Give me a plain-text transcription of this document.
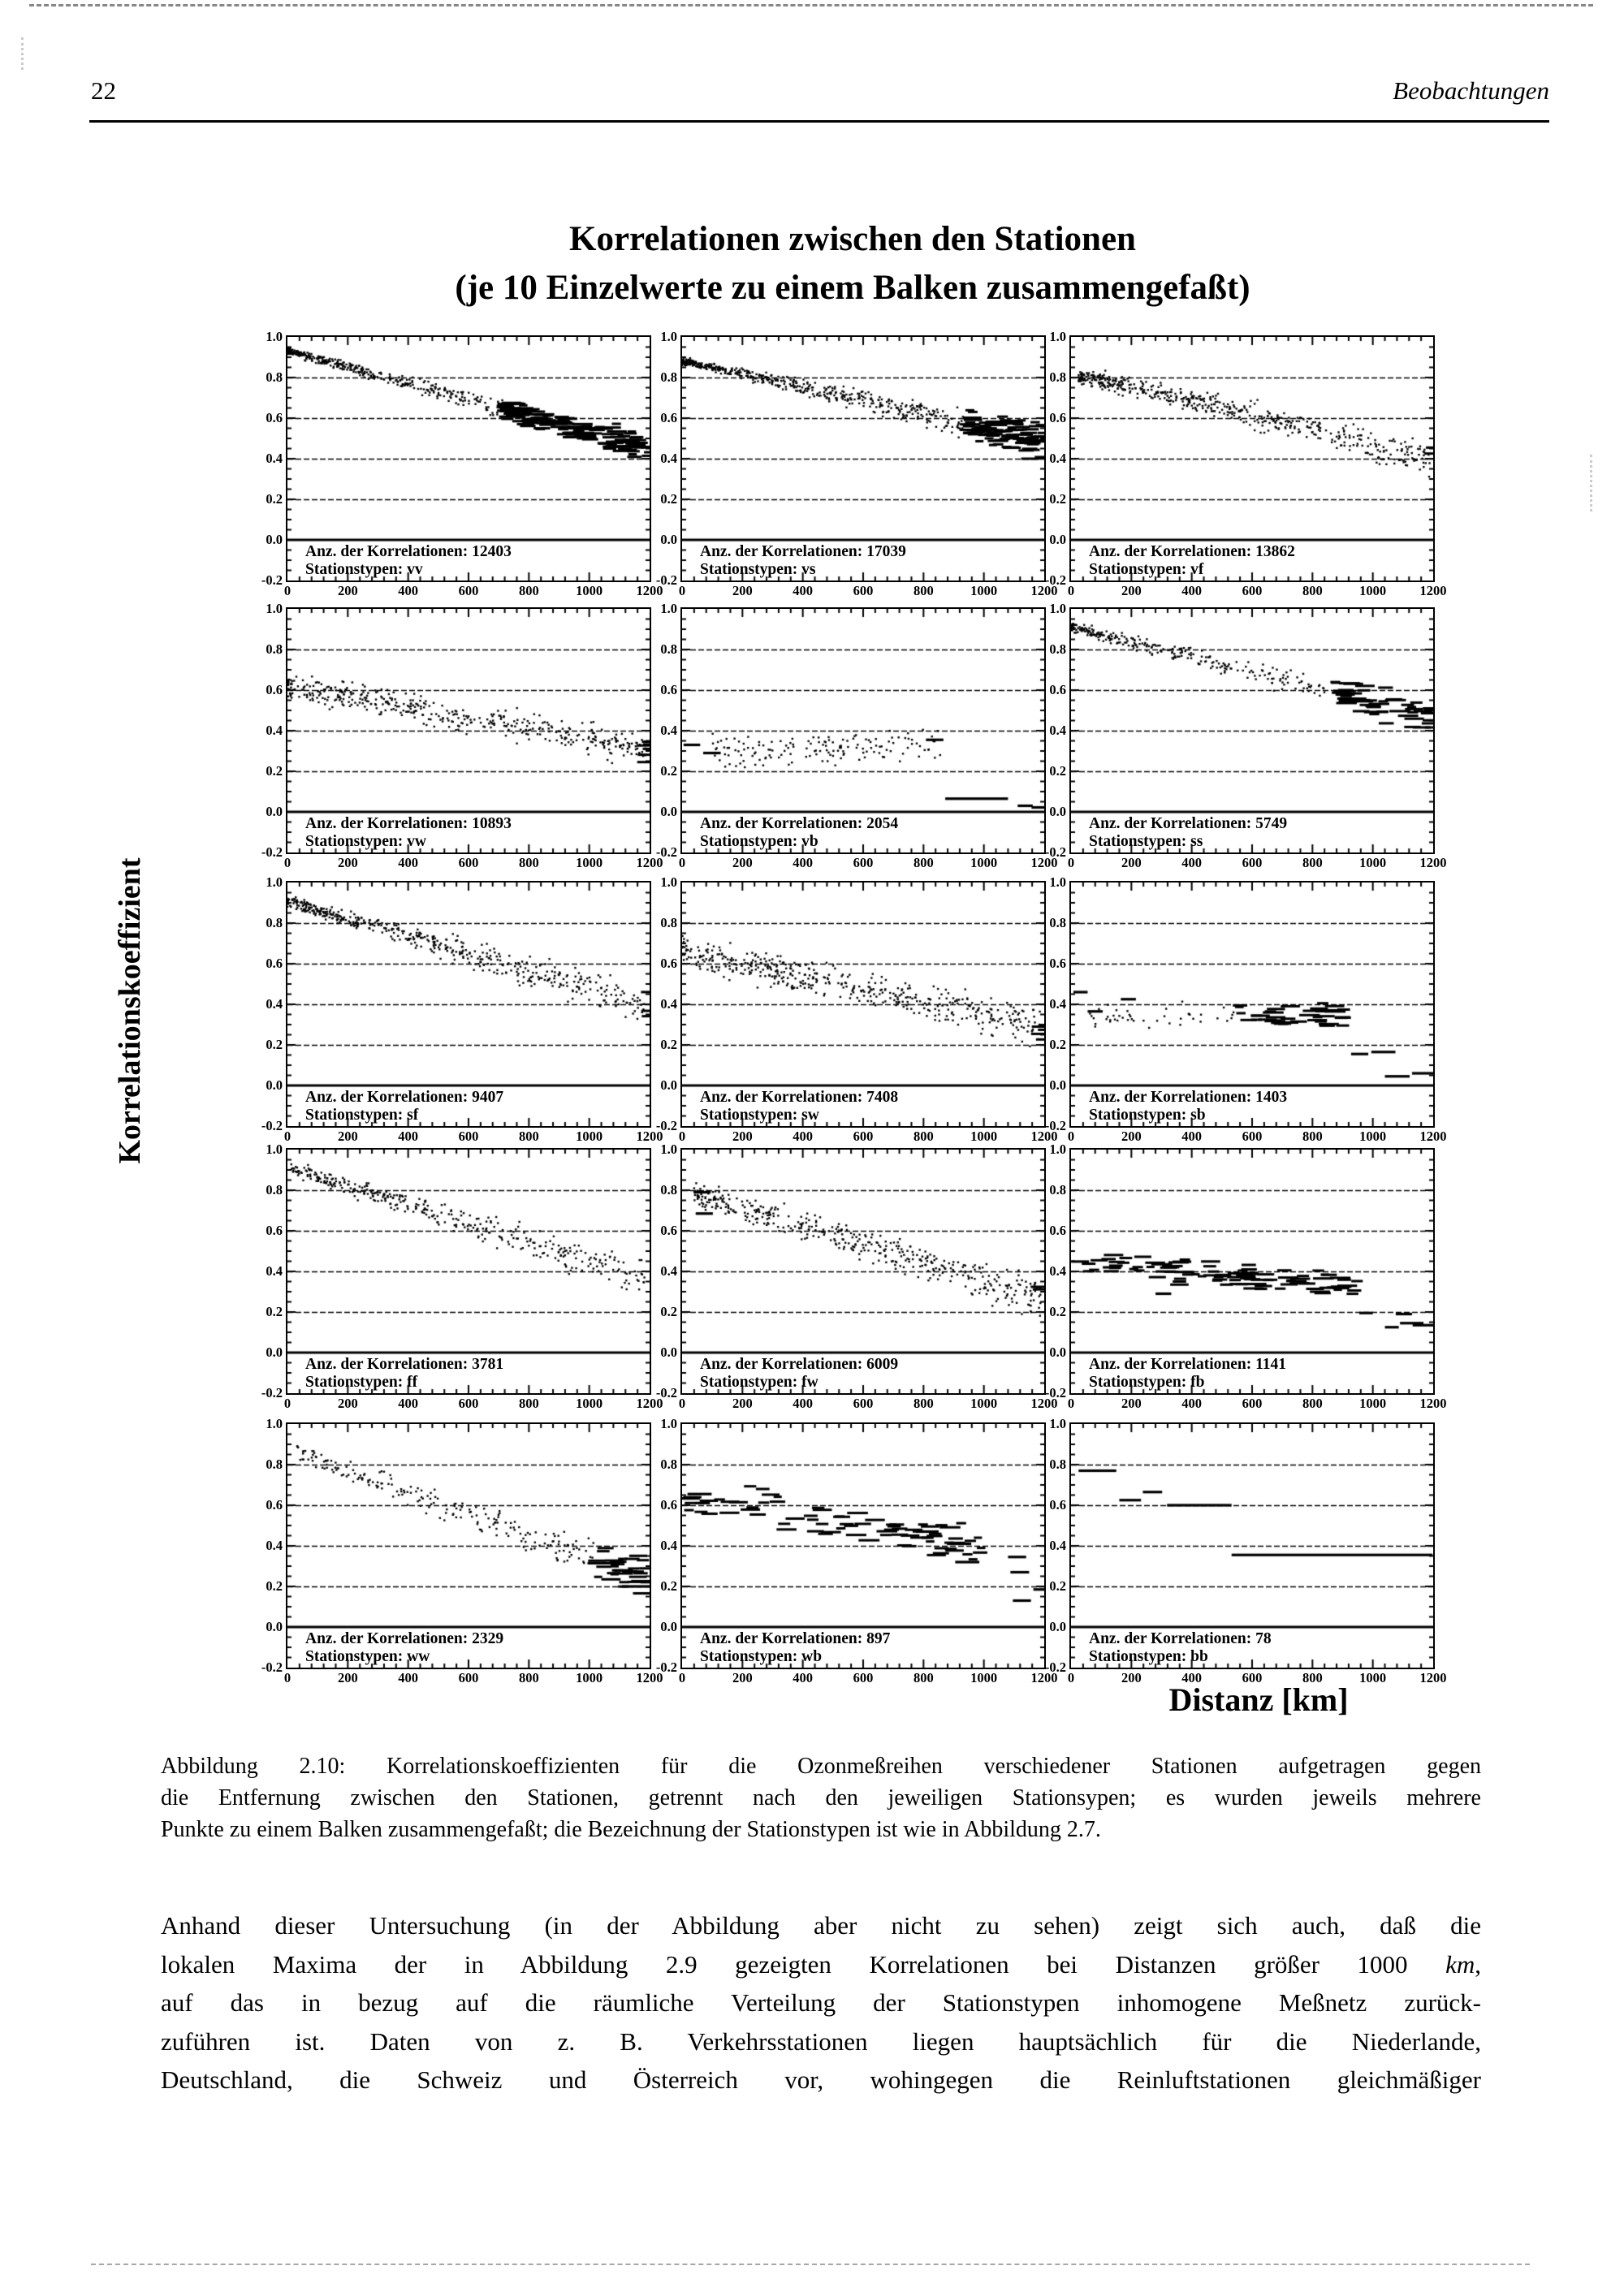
22	Beobachtungen
Korrelationen zwischen den Stationen
(je 10 Einzelwerte zu einem Balken zusammengefaßt)
Korrelationskoeffizient
1.0
0.8
0.6
0.4
0.2
0.0
-0.2
0	200	400	600	800	1000	1200
Anz. der Korrelationen: 12403
Stationstypen: vv
1.0
0.8
0.6
0.4
0.2
0.0
-0.2
0	200	400	600	800	1000	1200
Anz. der Korrelationen: 17039
Stationstypen: vs
1.0
0.8
0.6
0.4
0.2
0.0
-0.2
0	200	400	600	800	1000	1200
Anz. der Korrelationen: 13862
Stationstypen: vf
1.0
0.8
0.6
0.4
0.2
0.0
-0.2
0	200	400	600	800	1000	1200
Anz. der Korrelationen: 10893
Stationstypen: vw
1.0
0.8
0.6
0.4
0.2
0.0
-0.2
0	200	400	600	800	1000	1200
Anz. der Korrelationen: 2054
Stationstypen: vb
1.0
0.8
0.6
0.4
0.2
0.0
-0.2
0	200	400	600	800	1000	1200
Anz. der Korrelationen: 5749
Stationstypen: ss
1.0
0.8
0.6
0.4
0.2
0.0
-0.2
0	200	400	600	800	1000	1200
Anz. der Korrelationen: 9407
Stationstypen: sf
1.0
0.8
0.6
0.4
0.2
0.0
-0.2
0	200	400	600	800	1000	1200
Anz. der Korrelationen: 7408
Stationstypen: sw
1.0
0.8
0.6
0.4
0.2
0.0
-0.2
0	200	400	600	800	1000	1200
Anz. der Korrelationen: 1403
Stationstypen: sb
1.0
0.8
0.6
0.4
0.2
0.0
-0.2
0	200	400	600	800	1000	1200
Anz. der Korrelationen: 3781
Stationstypen: ff
1.0
0.8
0.6
0.4
0.2
0.0
-0.2
0	200	400	600	800	1000	1200
Anz. der Korrelationen: 6009
Stationstypen: fw
1.0
0.8
0.6
0.4
0.2
0.0
-0.2
0	200	400	600	800	1000	1200
Anz. der Korrelationen: 1141
Stationstypen: fb
1.0
0.8
0.6
0.4
0.2
0.0
-0.2
0	200	400	600	800	1000	1200
Anz. der Korrelationen: 2329
Stationstypen: ww
1.0
0.8
0.6
0.4
0.2
0.0
-0.2
0	200	400	600	800	1000	1200
Anz. der Korrelationen: 897
Stationstypen: wb
1.0
0.8
0.6
0.4
0.2
0.0
-0.2
0	200	400	600	800	1000	1200
Anz. der Korrelationen: 78
Stationstypen: bb
Distanz [km]
Abbildung 2.10: Korrelationskoeffizienten für die Ozonmeßreihen verschiedener Stationen aufgetragen gegen
die Entfernung zwischen den Stationen, getrennt nach den jeweiligen Stationsypen; es wurden jeweils mehrere
Punkte zu einem Balken zusammengefaßt; die Bezeichnung der Stationstypen ist wie in Abbildung 2.7.
Anhand dieser Untersuchung (in der Abbildung aber nicht zu sehen) zeigt sich auch, daß die
lokalen Maxima der in Abbildung 2.9 gezeigten Korrelationen bei Distanzen größer 1000 km,
auf das in bezug auf die räumliche Verteilung der Stationstypen inhomogene Meßnetz zurück-
zuführen ist. Daten von z. B. Verkehrsstationen liegen hauptsächlich für die Niederlande,
Deutschland, die Schweiz und Österreich vor, wohingegen die Reinluftstationen gleichmäßiger
